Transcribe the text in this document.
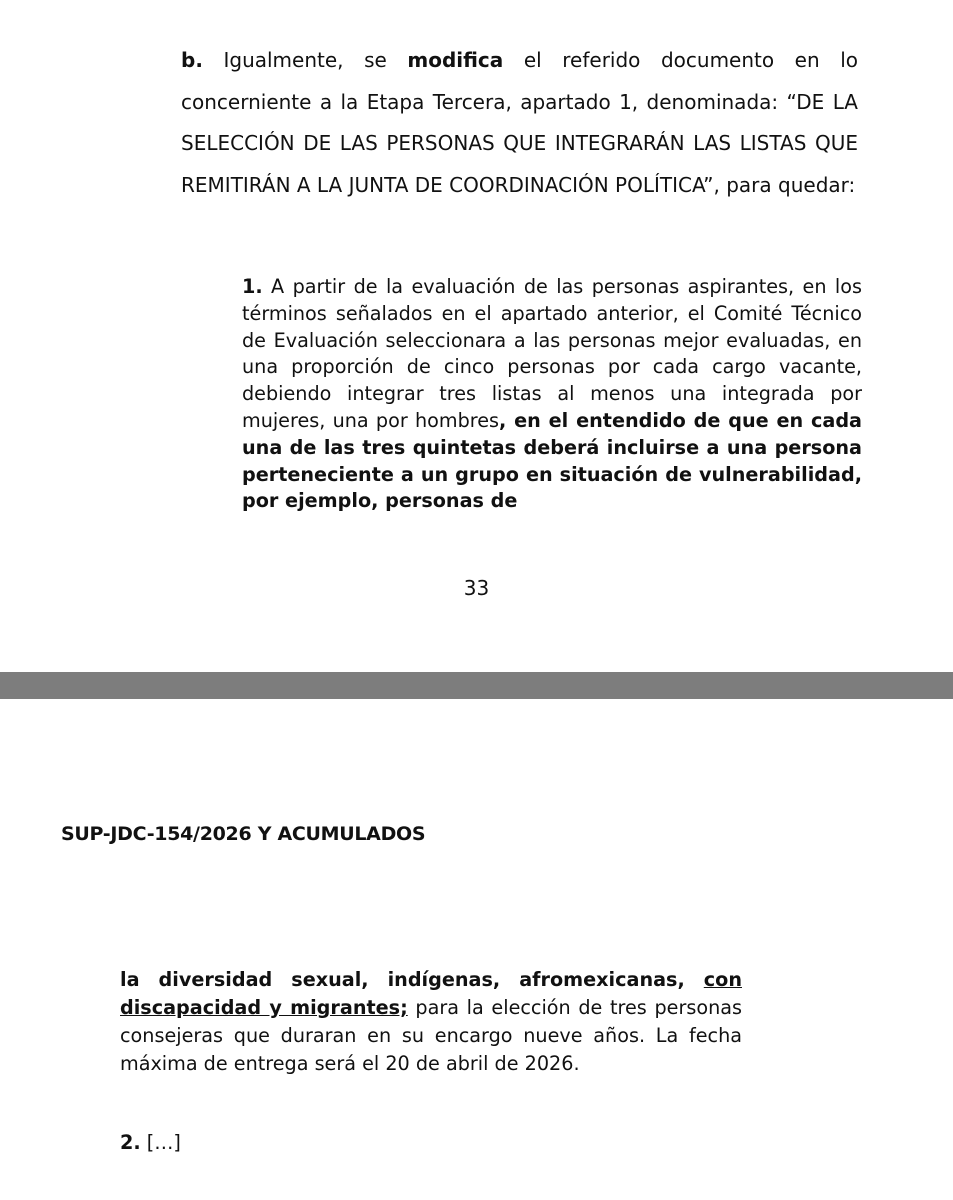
b. Igualmente, se modifica el referido documento en lo concerniente a la Etapa Tercera, apartado 1, denominada: “DE LA SELECCIÓN DE LAS PERSONAS QUE INTEGRARÁN LAS LISTAS QUE REMITIRÁN A LA JUNTA DE COORDINACIÓN POLÍTICA”, para quedar:

1. A partir de la evaluación de las personas aspirantes, en los términos señalados en el apartado anterior, el Comité Técnico de Evaluación seleccionara a las personas mejor evaluadas, en una proporción de cinco personas por cada cargo vacante, debiendo integrar tres listas al menos una integrada por mujeres, una por hombres, en el entendido de que en cada una de las tres quintetas deberá incluirse a una persona perteneciente a un grupo en situación de vulnerabilidad, por ejemplo, personas de

33

SUP-JDC-154/2026 Y ACUMULADOS

la diversidad sexual, indígenas, afromexicanas, con discapacidad y migrantes; para la elección de tres personas consejeras que duraran en su encargo nueve años. La fecha máxima de entrega será el 20 de abril de 2026.

2. […]
